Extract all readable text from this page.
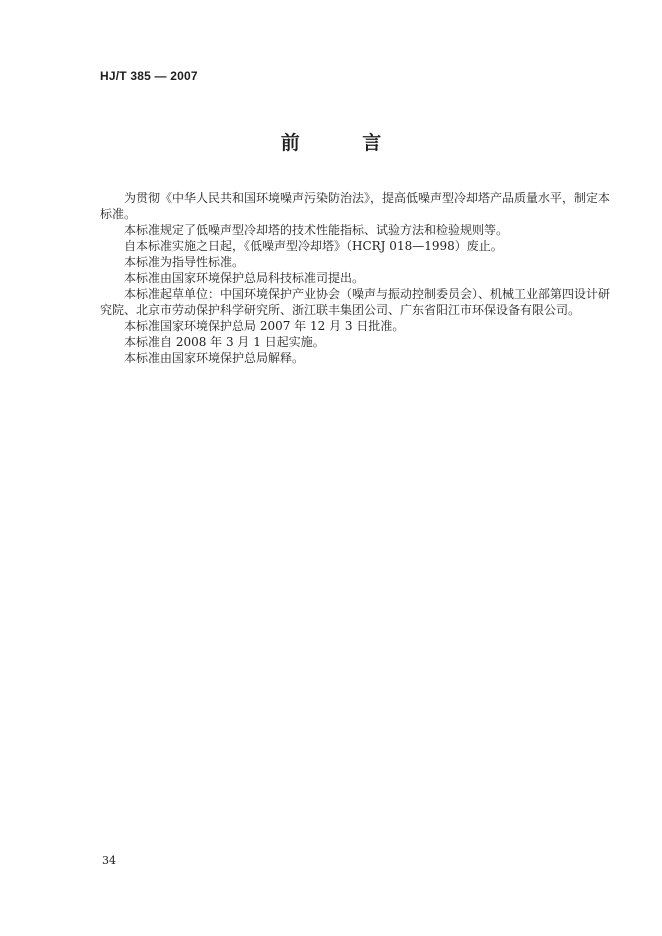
HJ/T 385 — 2007
前 言

为贯彻《中华人民共和国环境噪声污染防治法》，提高低噪声型冷却塔产品质量水平，制定本标准。

本标准规定了低噪声型冷却塔的技术性能指标、试验方法和检验规则等。

自本标准实施之日起，《低噪声型冷却塔》（HCRJ 018—1998）废止。

本标准为指导性标准。

本标准由国家环境保护总局科技标准司提出。

本标准起草单位：中国环境保护产业协会（噪声与振动控制委员会）、机械工业部第四设计研究院、北京市劳动保护科学研究所、浙江联丰集团公司、广东省阳江市环保设备有限公司。

本标准国家环境保护总局 2007 年 12 月 3 日批准。

本标准自 2008 年 3 月 1 日起实施。

本标准由国家环境保护总局解释。

34
